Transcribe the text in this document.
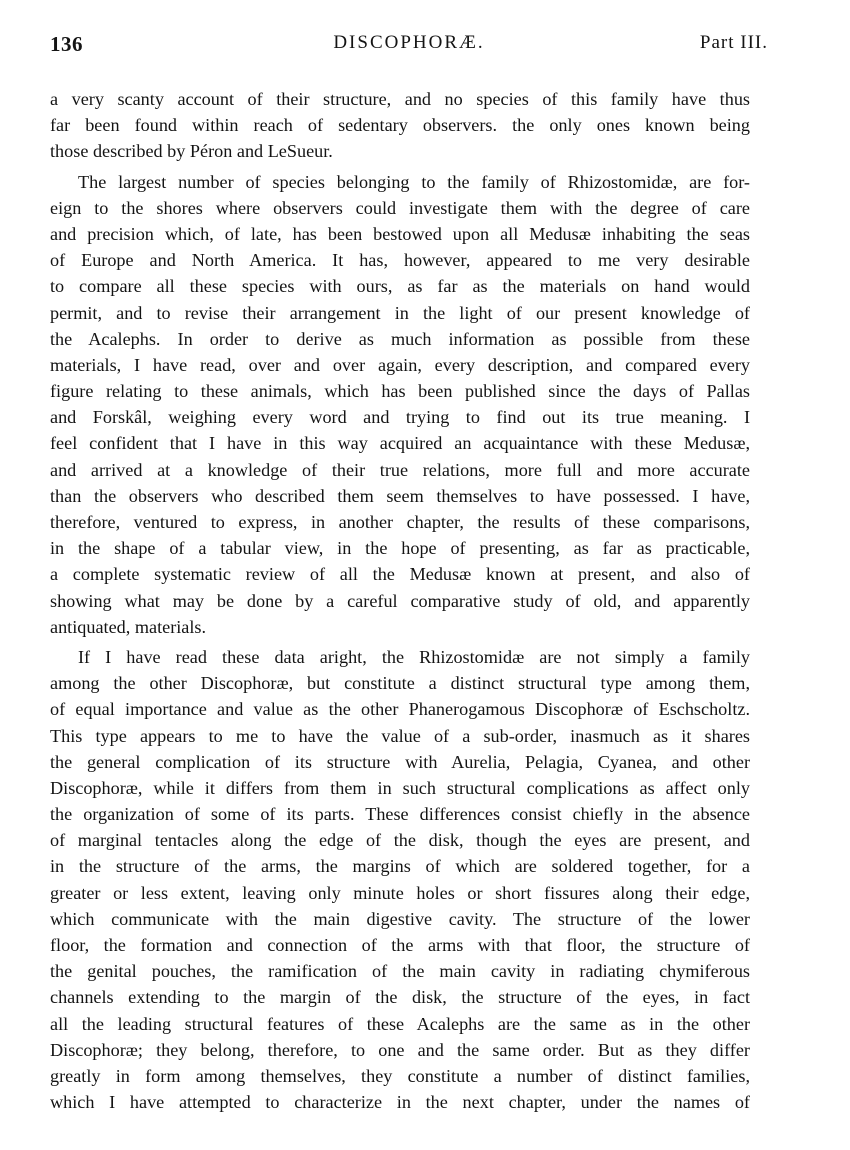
136	DISCOPHORÆ.	Part III.
a very scanty account of their structure, and no species of this family have thus
far been found within reach of sedentary observers. the only ones known being
those described by Péron and LeSueur.
The largest number of species belonging to the family of Rhizostomidæ, are for-
eign to the shores where observers could investigate them with the degree of care
and precision which, of late, has been bestowed upon all Medusæ inhabiting the seas
of Europe and North America. It has, however, appeared to me very desirable
to compare all these species with ours, as far as the materials on hand would
permit, and to revise their arrangement in the light of our present knowledge of
the Acalephs. In order to derive as much information as possible from these
materials, I have read, over and over again, every description, and compared every
figure relating to these animals, which has been published since the days of Pallas
and Forskâl, weighing every word and trying to find out its true meaning. I
feel confident that I have in this way acquired an acquaintance with these Medusæ,
and arrived at a knowledge of their true relations, more full and more accurate
than the observers who described them seem themselves to have possessed. I have,
therefore, ventured to express, in another chapter, the results of these comparisons,
in the shape of a tabular view, in the hope of presenting, as far as practicable,
a complete systematic review of all the Medusæ known at present, and also of
showing what may be done by a careful comparative study of old, and apparently
antiquated, materials.
If I have read these data aright, the Rhizostomidæ are not simply a family
among the other Discophoræ, but constitute a distinct structural type among them,
of equal importance and value as the other Phanerogamous Discophoræ of Eschscholtz.
This type appears to me to have the value of a sub-order, inasmuch as it shares
the general complication of its structure with Aurelia, Pelagia, Cyanea, and other
Discophoræ, while it differs from them in such structural complications as affect only
the organization of some of its parts. These differences consist chiefly in the absence
of marginal tentacles along the edge of the disk, though the eyes are present, and
in the structure of the arms, the margins of which are soldered together, for a
greater or less extent, leaving only minute holes or short fissures along their edge,
which communicate with the main digestive cavity. The structure of the lower
floor, the formation and connection of the arms with that floor, the structure of
the genital pouches, the ramification of the main cavity in radiating chymiferous
channels extending to the margin of the disk, the structure of the eyes, in fact
all the leading structural features of these Acalephs are the same as in the other
Discophoræ; they belong, therefore, to one and the same order. But as they differ
greatly in form among themselves, they constitute a number of distinct families,
which I have attempted to characterize in the next chapter, under the names of
